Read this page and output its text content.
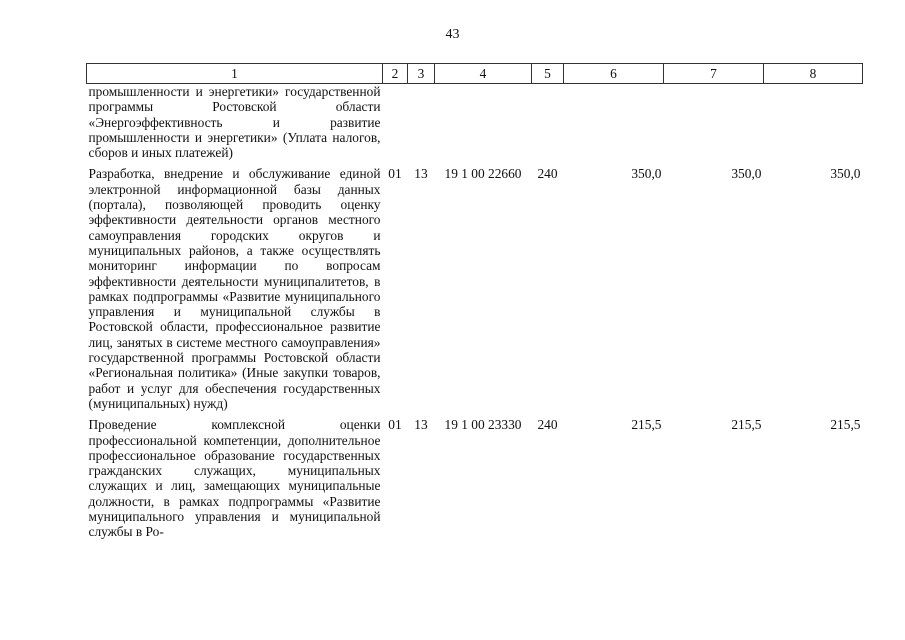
43
1	2	3	4	5	6	7	8
промышленности и энергетики» государственной программы Ростовской области «Энергоэффективность и развитие промышленности и энергетики» (Уплата налогов, сборов и иных платежей)							
Разработка, внедрение и обслуживание единой электронной информационной базы данных (портала), позволяющей проводить оценку эффективности деятельности органов местного самоуправления городских округов и муниципальных районов, а также осуществлять мониторинг информации по вопросам эффективности деятельности муниципалитетов, в рамках подпрограммы «Развитие муниципального управления и муниципальной службы в Ростовской области, профессиональное развитие лиц, занятых в системе местного самоуправления» государственной программы Ростовской области «Региональная политика» (Иные закупки товаров, работ и услуг для обеспечения государственных (муниципальных) нужд)	01	13	19 1 00 22660	240	350,0	350,0	350,0
Проведение комплексной оценки профессиональной компетенции, дополнительное профессиональное образование государственных гражданских служащих, муниципальных служащих и лиц, замещающих муниципальные должности, в рамках подпрограммы «Развитие муниципального управления и муниципальной службы в Ро-	01	13	19 1 00 23330	240	215,5	215,5	215,5
